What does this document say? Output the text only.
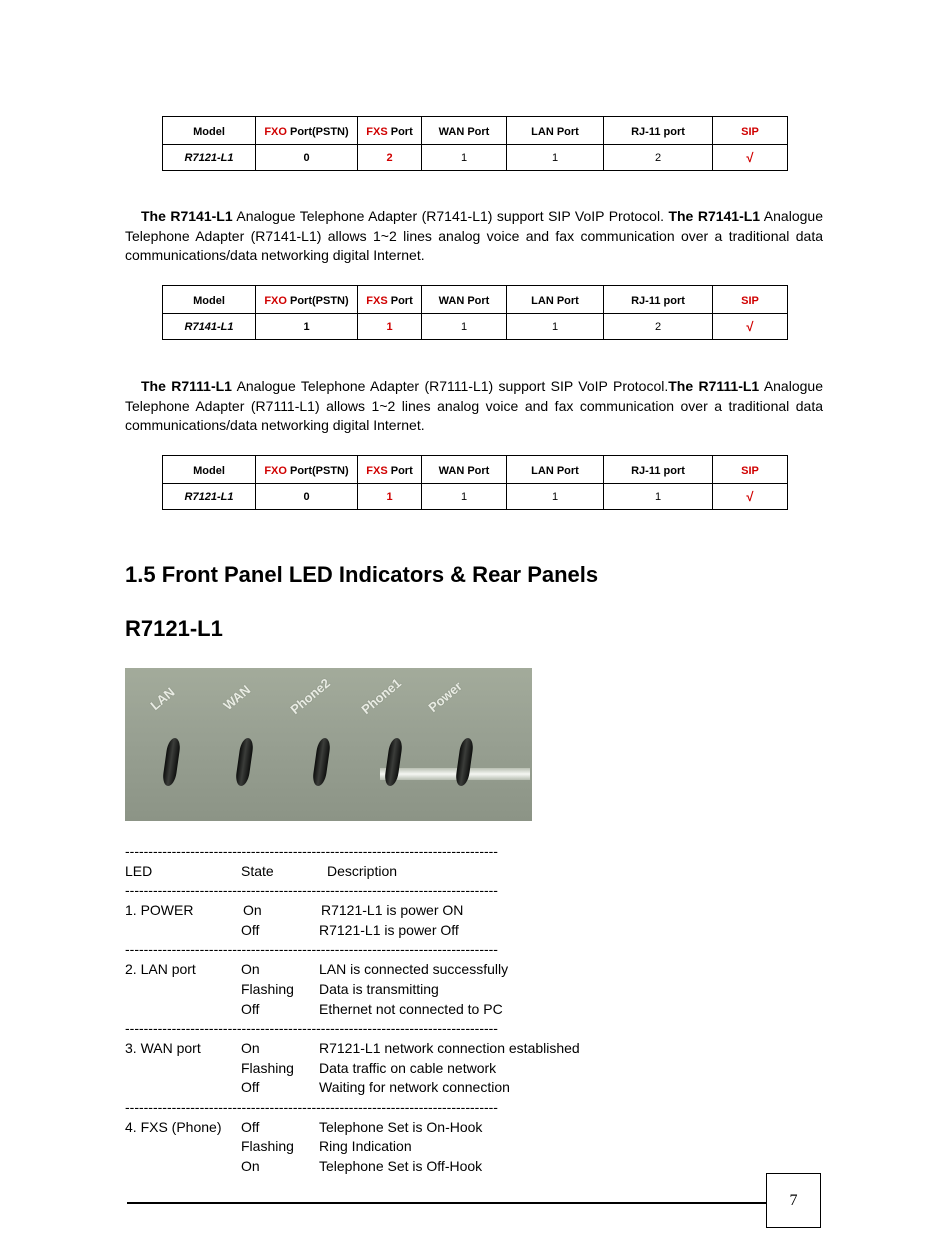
Model	FXO Port(PSTN)	FXS Port	WAN Port	LAN Port	RJ-11 port	SIP
R7121-L1	0	2	1	1	2	√

The R7141-L1 Analogue Telephone Adapter (R7141-L1) support SIP VoIP Protocol. The R7141-L1 Analogue Telephone Adapter (R7141-L1) allows 1~2 lines analog voice and fax communication over a traditional data communications/data networking digital Internet.

Model	FXO Port(PSTN)	FXS Port	WAN Port	LAN Port	RJ-11 port	SIP
R7141-L1	1	1	1	1	2	√

The R7111-L1 Analogue Telephone Adapter (R7111-L1) support SIP VoIP Protocol.The R7111-L1 Analogue Telephone Adapter (R7111-L1) allows 1~2 lines analog voice and fax communication over a traditional data communications/data networking digital Internet.

Model	FXO Port(PSTN)	FXS Port	WAN Port	LAN Port	RJ-11 port	SIP
R7121-L1	0	1	1	1	1	√
1.5 Front Panel LED Indicators & Rear Panels
R7121-L1
LAN	WAN	Phone2 Phone1 Power
--------------------------------------------------------------------------------
LED	State	Description
--------------------------------------------------------------------------------
1. POWER	On	R7121-L1 is power ON
Off	R7121-L1 is power Off
--------------------------------------------------------------------------------
2. LAN port	On	LAN is connected successfully
Flashing	Data is transmitting
Off	Ethernet not connected to PC
--------------------------------------------------------------------------------
3. WAN port	On	R7121-L1 network connection established
Flashing	Data traffic on cable network
Off	Waiting for network connection
--------------------------------------------------------------------------------
4. FXS (Phone)	Off	Telephone Set is On-Hook
Flashing	Ring Indication
On	Telephone Set is Off-Hook
7
